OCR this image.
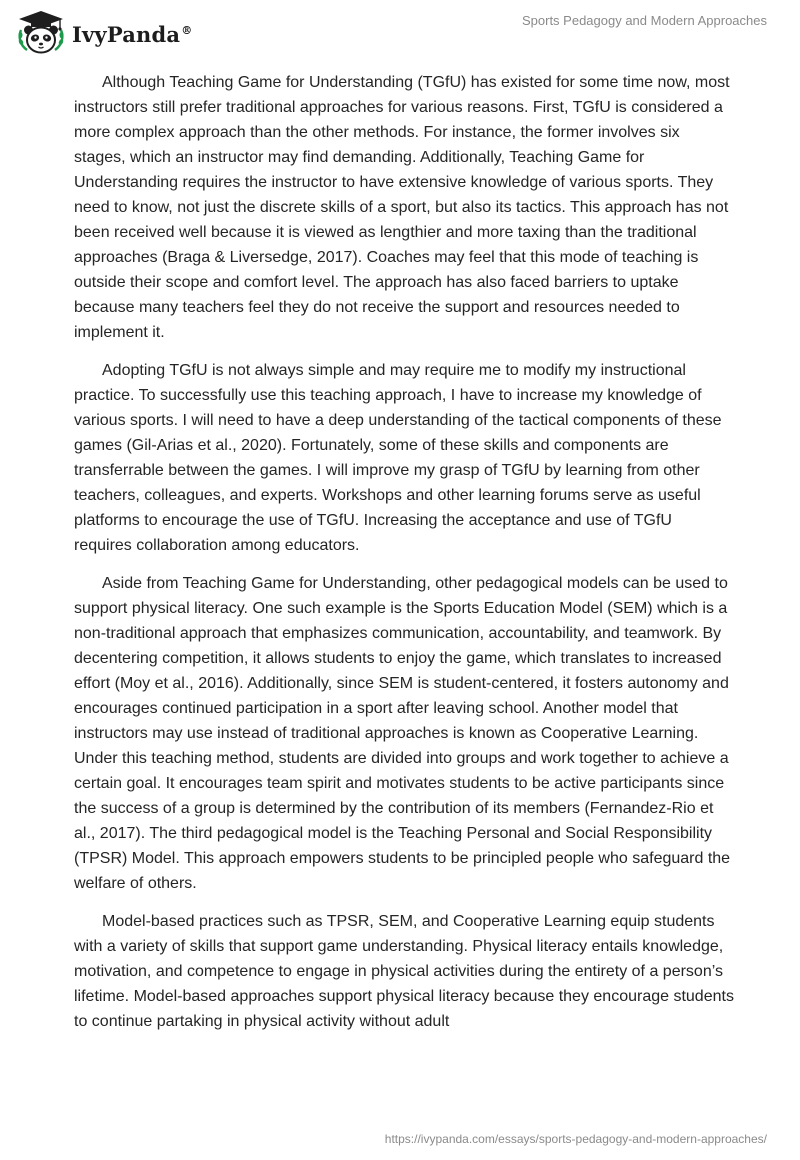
IvyPanda®
Sports Pedagogy and Modern Approaches

Although Teaching Game for Understanding (TGfU) has existed for some time now, most instructors still prefer traditional approaches for various reasons. First, TGfU is considered a more complex approach than the other methods. For instance, the former involves six stages, which an instructor may find demanding. Additionally, Teaching Game for Understanding requires the instructor to have extensive knowledge of various sports. They need to know, not just the discrete skills of a sport, but also its tactics. This approach has not been received well because it is viewed as lengthier and more taxing than the traditional approaches (Braga & Liversedge, 2017). Coaches may feel that this mode of teaching is outside their scope and comfort level. The approach has also faced barriers to uptake because many teachers feel they do not receive the support and resources needed to implement it.

Adopting TGfU is not always simple and may require me to modify my instructional practice. To successfully use this teaching approach, I have to increase my knowledge of various sports. I will need to have a deep understanding of the tactical components of these games (Gil-Arias et al., 2020). Fortunately, some of these skills and components are transferrable between the games. I will improve my grasp of TGfU by learning from other teachers, colleagues, and experts. Workshops and other learning forums serve as useful platforms to encourage the use of TGfU. Increasing the acceptance and use of TGfU requires collaboration among educators.

Aside from Teaching Game for Understanding, other pedagogical models can be used to support physical literacy. One such example is the Sports Education Model (SEM) which is a non-traditional approach that emphasizes communication, accountability, and teamwork. By decentering competition, it allows students to enjoy the game, which translates to increased effort (Moy et al., 2016). Additionally, since SEM is student-centered, it fosters autonomy and encourages continued participation in a sport after leaving school. Another model that instructors may use instead of traditional approaches is known as Cooperative Learning. Under this teaching method, students are divided into groups and work together to achieve a certain goal. It encourages team spirit and motivates students to be active participants since the success of a group is determined by the contribution of its members (Fernandez-Rio et al., 2017). The third pedagogical model is the Teaching Personal and Social Responsibility (TPSR) Model. This approach empowers students to be principled people who safeguard the welfare of others.

Model-based practices such as TPSR, SEM, and Cooperative Learning equip students with a variety of skills that support game understanding. Physical literacy entails knowledge, motivation, and competence to engage in physical activities during the entirety of a person’s lifetime. Model-based approaches support physical literacy because they encourage students to continue partaking in physical activity without adult

https://ivypanda.com/essays/sports-pedagogy-and-modern-approaches/
